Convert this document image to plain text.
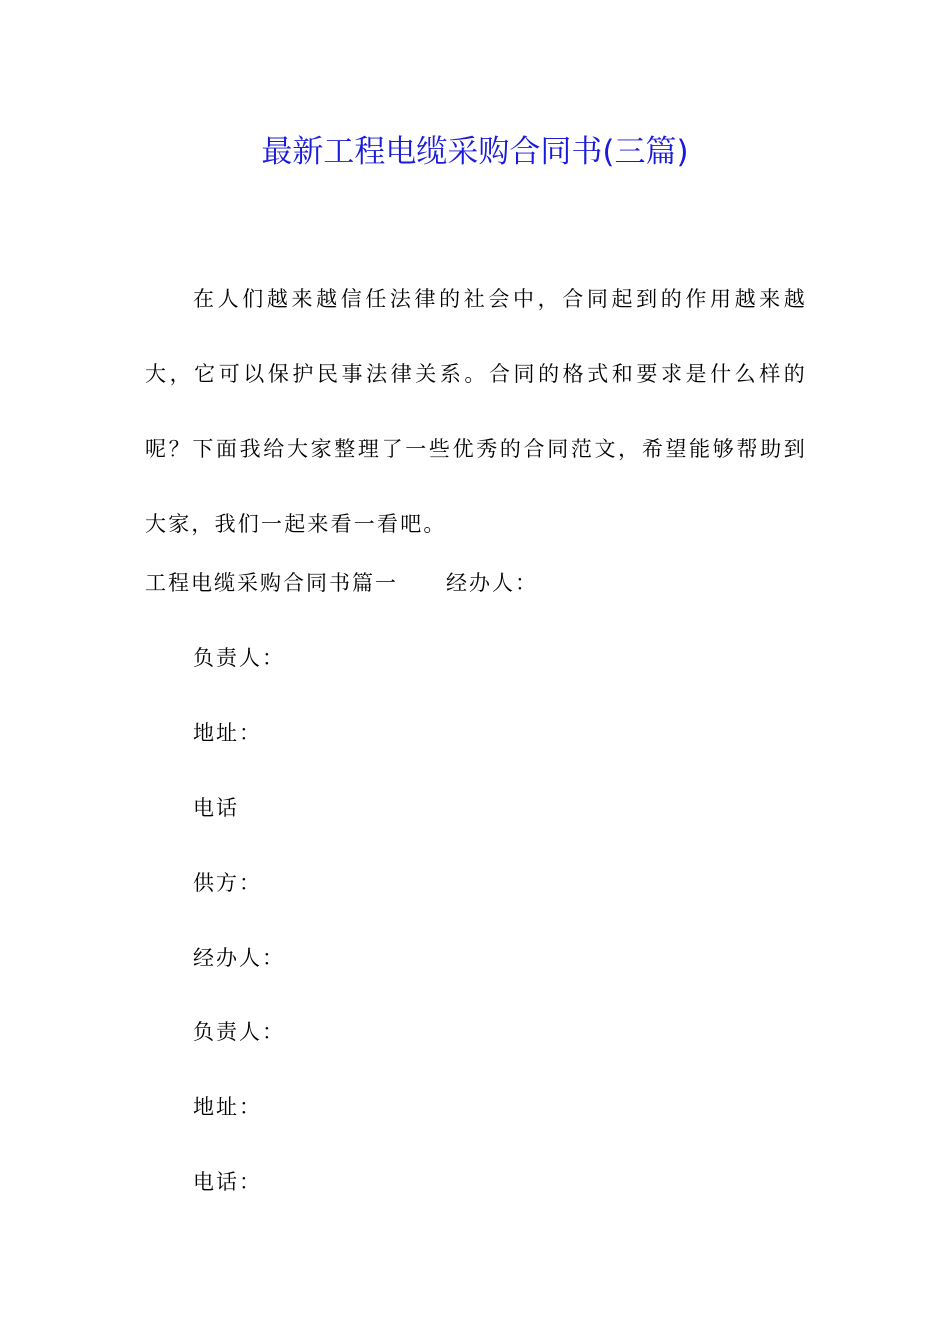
最新工程电缆采购合同书(三篇)

在人们越来越信任法律的社会中，合同起到的作用越来越大，它可以保护民事法律关系。合同的格式和要求是什么样的呢？下面我给大家整理了一些优秀的合同范文，希望能够帮助到大家，我们一起来看一看吧。

工程电缆采购合同书篇一 经办人：
负责人：
地址：
电话
供方：
经办人：
负责人：
地址：
电话：
